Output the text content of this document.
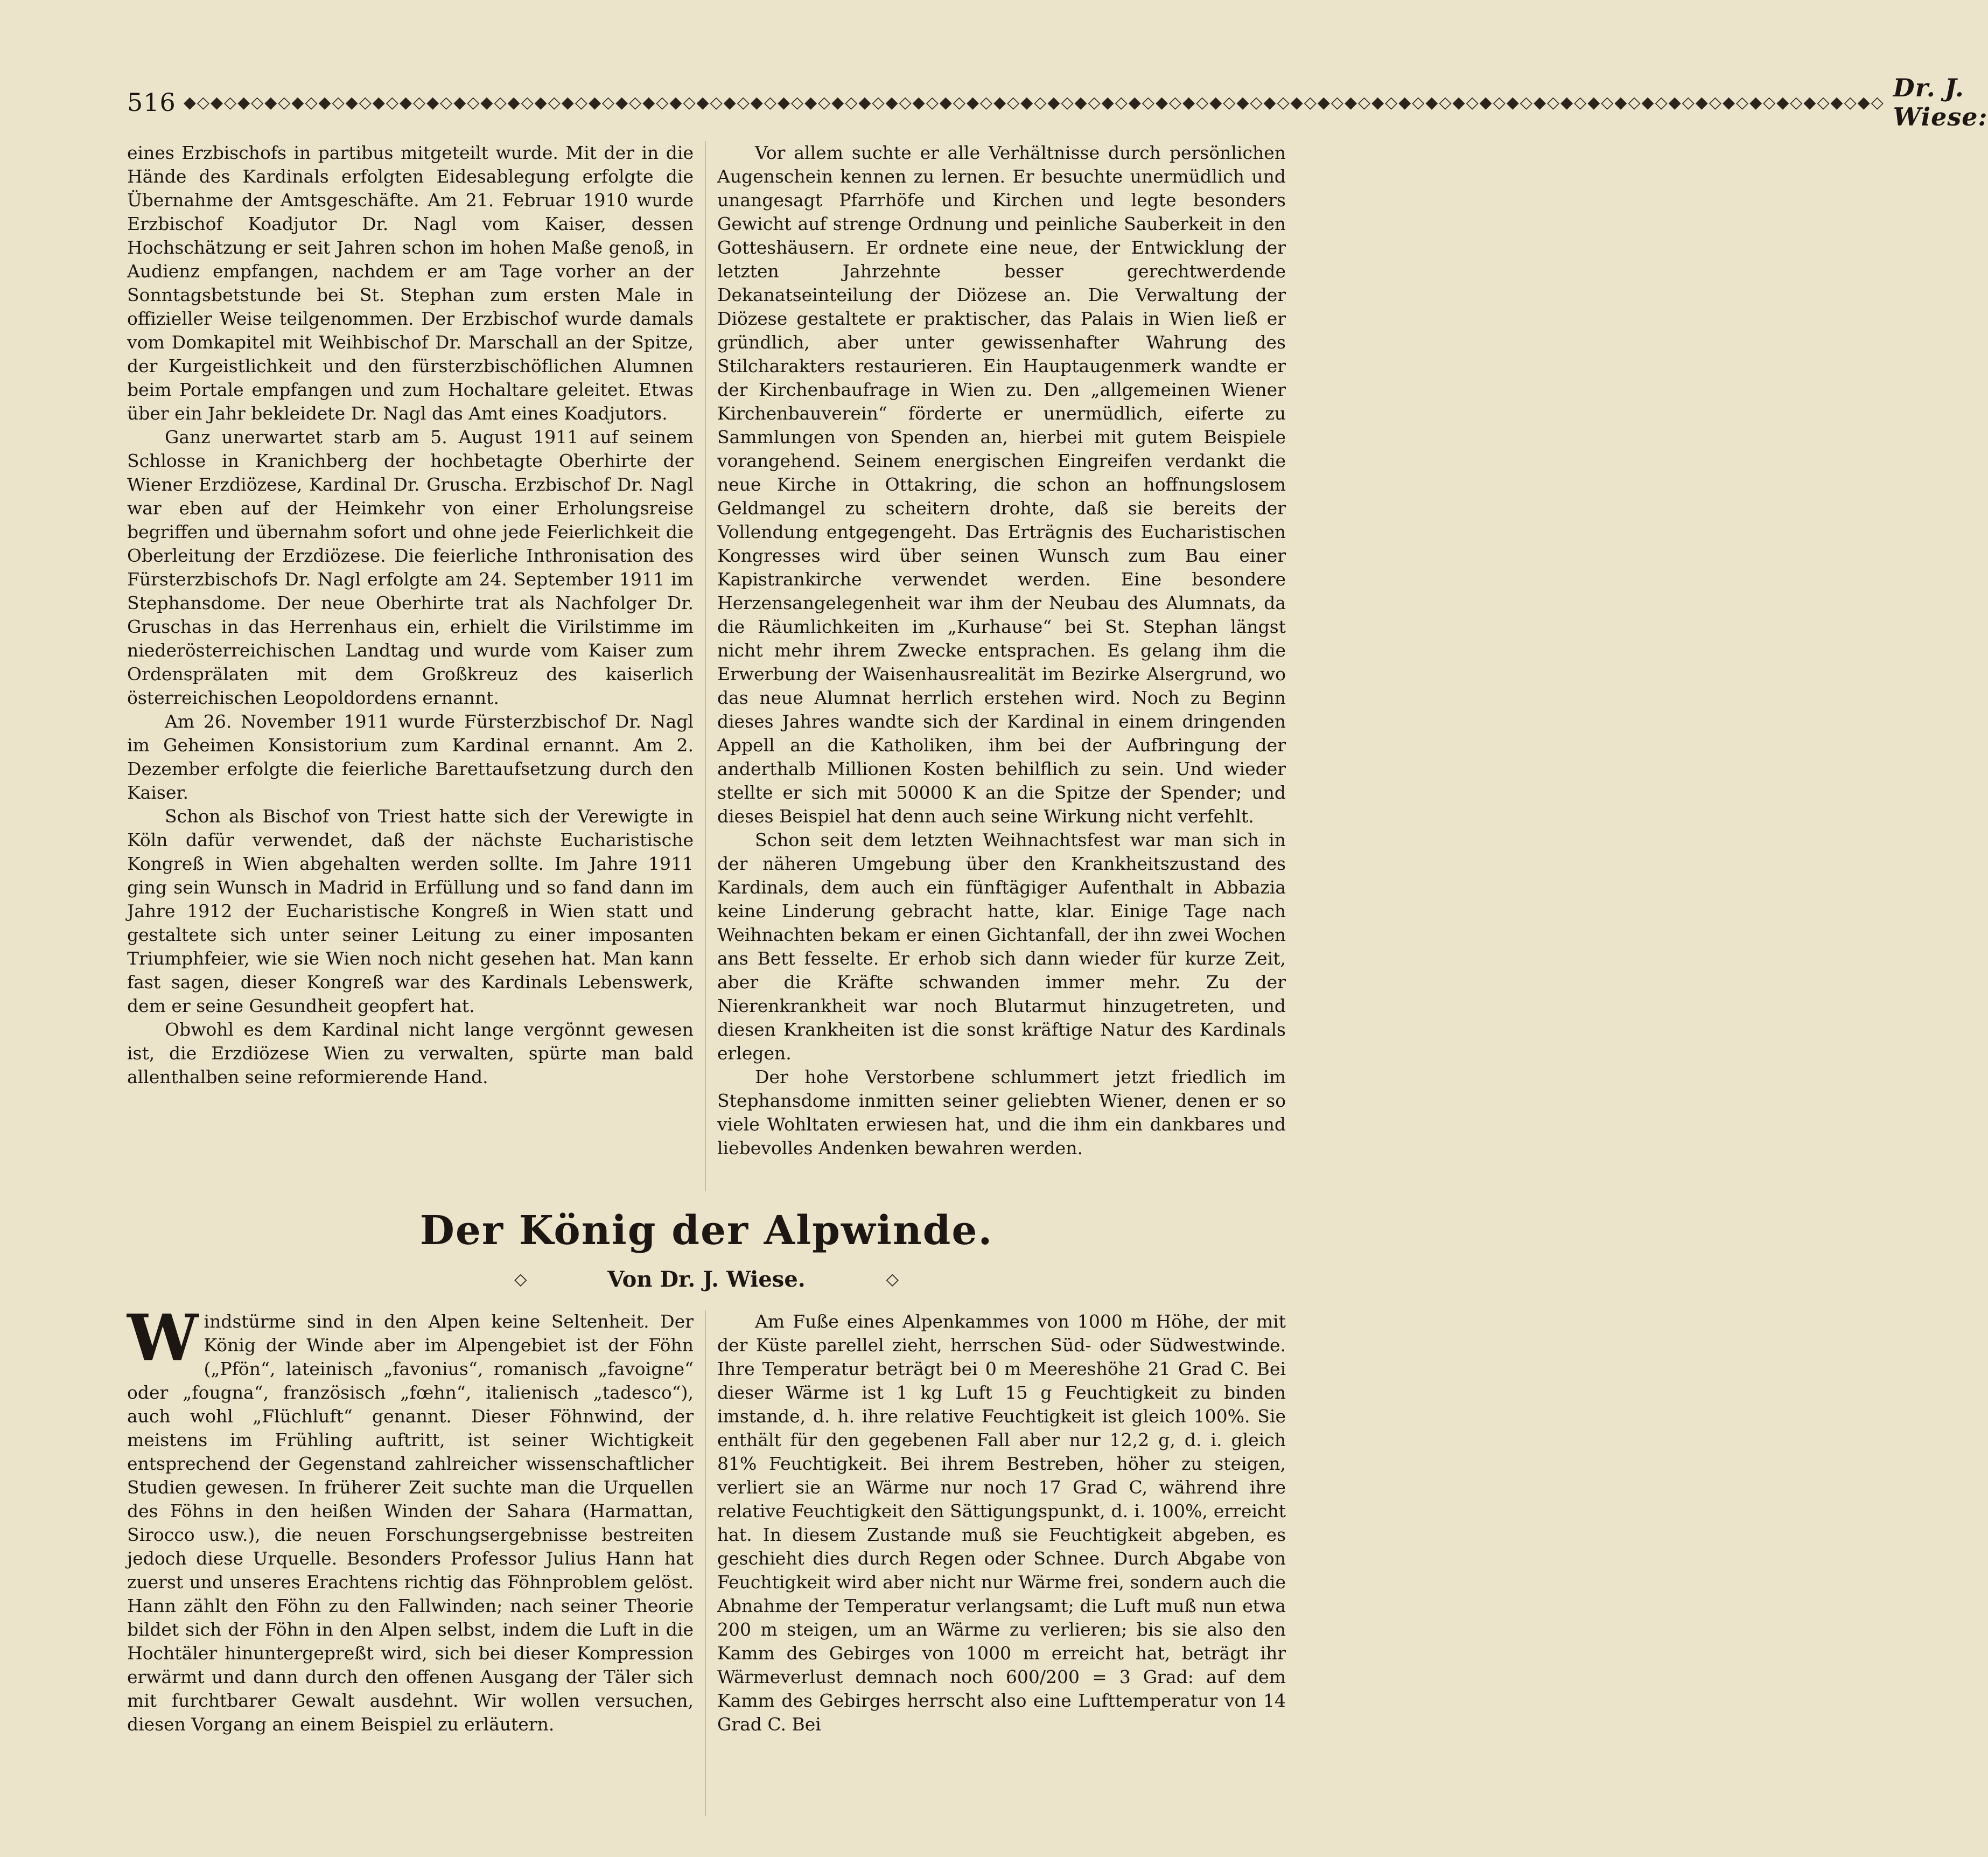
516 ◆◇◆◇◆◇◆◇◆◇◆◇◆◇◆◇◆◇◆◇◆◇◆◇◆◇◆◇◆◇◆◇◆◇◆◇◆◇◆◇◆◇◆◇◆◇◆◇◆◇◆◇◆◇◆◇◆◇◆◇◆◇◆◇◆◇◆◇◆◇◆◇◆◇◆◇◆◇◆◇◆◇◆◇◆◇◆◇◆◇◆◇◆◇◆◇◆◇◆◇◆◇◆◇◆◇◆◇◆◇◆◇◆◇◆◇◆◇◆◇◆◇◆◇◆◇ Dr. J. Wiese:

eines Erzbischofs in partibus mitgeteilt wurde. Mit der in die Hände des Kardinals erfolgten Eidesablegung erfolgte die Übernahme der Amtsgeschäfte. Am 21. Februar 1910 wurde Erzbischof Koadjutor Dr. Nagl vom Kaiser, dessen Hochschätzung er seit Jahren schon im hohen Maße genoß, in Audienz empfangen, nachdem er am Tage vorher an der Sonntagsbetstunde bei St. Stephan zum ersten Male in offizieller Weise teilgenommen. Der Erzbischof wurde damals vom Domkapitel mit Weihbischof Dr. Marschall an der Spitze, der Kurgeistlichkeit und den fürsterzbischöflichen Alumnen beim Portale empfangen und zum Hochaltare geleitet. Etwas über ein Jahr bekleidete Dr. Nagl das Amt eines Koadjutors.

Ganz unerwartet starb am 5. August 1911 auf seinem Schlosse in Kranichberg der hochbetagte Oberhirte der Wiener Erzdiözese, Kardinal Dr. Gruscha. Erzbischof Dr. Nagl war eben auf der Heimkehr von einer Erholungsreise begriffen und übernahm sofort und ohne jede Feierlichkeit die Oberleitung der Erzdiözese. Die feierliche Inthronisation des Fürsterzbischofs Dr. Nagl erfolgte am 24. September 1911 im Stephansdome. Der neue Oberhirte trat als Nachfolger Dr. Gruschas in das Herrenhaus ein, erhielt die Virilstimme im niederösterreichischen Landtag und wurde vom Kaiser zum Ordensprälaten mit dem Großkreuz des kaiserlich österreichischen Leopoldordens ernannt.

Am 26. November 1911 wurde Fürsterzbischof Dr. Nagl im Geheimen Konsistorium zum Kardinal ernannt. Am 2. Dezember erfolgte die feierliche Barettaufsetzung durch den Kaiser.

Schon als Bischof von Triest hatte sich der Verewigte in Köln dafür verwendet, daß der nächste Eucharistische Kongreß in Wien abgehalten werden sollte. Im Jahre 1911 ging sein Wunsch in Madrid in Erfüllung und so fand dann im Jahre 1912 der Eucharistische Kongreß in Wien statt und gestaltete sich unter seiner Leitung zu einer imposanten Triumphfeier, wie sie Wien noch nicht gesehen hat. Man kann fast sagen, dieser Kongreß war des Kardinals Lebenswerk, dem er seine Gesundheit geopfert hat.

Obwohl es dem Kardinal nicht lange vergönnt gewesen ist, die Erzdiözese Wien zu verwalten, spürte man bald allenthalben seine reformierende Hand.

Vor allem suchte er alle Verhältnisse durch persönlichen Augenschein kennen zu lernen. Er besuchte unermüdlich und unangesagt Pfarrhöfe und Kirchen und legte besonders Gewicht auf strenge Ordnung und peinliche Sauberkeit in den Gotteshäusern. Er ordnete eine neue, der Entwicklung der letzten Jahrzehnte besser gerechtwerdende Dekanatseinteilung der Diözese an. Die Verwaltung der Diözese gestaltete er praktischer, das Palais in Wien ließ er gründlich, aber unter gewissenhafter Wahrung des Stilcharakters restaurieren. Ein Hauptaugenmerk wandte er der Kirchenbaufrage in Wien zu. Den „allgemeinen Wiener Kirchenbauverein“ förderte er unermüdlich, eiferte zu Sammlungen von Spenden an, hierbei mit gutem Beispiele vorangehend. Seinem energischen Eingreifen verdankt die neue Kirche in Ottakring, die schon an hoffnungslosem Geldmangel zu scheitern drohte, daß sie bereits der Vollendung entgegengeht. Das Erträgnis des Eucharistischen Kongresses wird über seinen Wunsch zum Bau einer Kapistrankirche verwendet werden. Eine besondere Herzensangelegenheit war ihm der Neubau des Alumnats, da die Räumlichkeiten im „Kurhause“ bei St. Stephan längst nicht mehr ihrem Zwecke entsprachen. Es gelang ihm die Erwerbung der Waisenhausrealität im Bezirke Alsergrund, wo das neue Alumnat herrlich erstehen wird. Noch zu Beginn dieses Jahres wandte sich der Kardinal in einem dringenden Appell an die Katholiken, ihm bei der Aufbringung der anderthalb Millionen Kosten behilflich zu sein. Und wieder stellte er sich mit 50000 K an die Spitze der Spender; und dieses Beispiel hat denn auch seine Wirkung nicht verfehlt.

Schon seit dem letzten Weihnachtsfest war man sich in der näheren Umgebung über den Krankheitszustand des Kardinals, dem auch ein fünftägiger Aufenthalt in Abbazia keine Linderung gebracht hatte, klar. Einige Tage nach Weihnachten bekam er einen Gichtanfall, der ihn zwei Wochen ans Bett fesselte. Er erhob sich dann wieder für kurze Zeit, aber die Kräfte schwanden immer mehr. Zu der Nierenkrankheit war noch Blutarmut hinzugetreten, und diesen Krankheiten ist die sonst kräftige Natur des Kardinals erlegen.

Der hohe Verstorbene schlummert jetzt friedlich im Stephansdome inmitten seiner geliebten Wiener, denen er so viele Wohltaten erwiesen hat, und die ihm ein dankbares und liebevolles Andenken bewahren werden.

Der König der Alpwinde.
◇	Von Dr. J. Wiese.	◇

Windstürme sind in den Alpen keine Seltenheit. Der König der Winde aber im Alpengebiet ist der Föhn („Pfön“, lateinisch „favonius“, romanisch „favoigne“ oder „fougna“, französisch „fœhn“, italienisch „tadesco“), auch wohl „Flüchluft“ genannt. Dieser Föhnwind, der meistens im Frühling auftritt, ist seiner Wichtigkeit entsprechend der Gegenstand zahlreicher wissenschaftlicher Studien gewesen. In früherer Zeit suchte man die Urquellen des Föhns in den heißen Winden der Sahara (Harmattan, Sirocco usw.), die neuen Forschungsergebnisse bestreiten jedoch diese Urquelle. Besonders Professor Julius Hann hat zuerst und unseres Erachtens richtig das Föhnproblem gelöst. Hann zählt den Föhn zu den Fallwinden; nach seiner Theorie bildet sich der Föhn in den Alpen selbst, indem die Luft in die Hochtäler hinuntergepreßt wird, sich bei dieser Kompression erwärmt und dann durch den offenen Ausgang der Täler sich mit furchtbarer Gewalt ausdehnt. Wir wollen versuchen, diesen Vorgang an einem Beispiel zu erläutern.

Am Fuße eines Alpenkammes von 1000 m Höhe, der mit der Küste parellel zieht, herrschen Süd- oder Südwestwinde. Ihre Temperatur beträgt bei 0 m Meereshöhe 21 Grad C. Bei dieser Wärme ist 1 kg Luft 15 g Feuchtigkeit zu binden imstande, d. h. ihre relative Feuchtigkeit ist gleich 100%. Sie enthält für den gegebenen Fall aber nur 12,2 g, d. i. gleich 81% Feuchtigkeit. Bei ihrem Bestreben, höher zu steigen, verliert sie an Wärme nur noch 17 Grad C, während ihre relative Feuchtigkeit den Sättigungspunkt, d. i. 100%, erreicht hat. In diesem Zustande muß sie Feuchtigkeit abgeben, es geschieht dies durch Regen oder Schnee. Durch Abgabe von Feuchtigkeit wird aber nicht nur Wärme frei, sondern auch die Abnahme der Temperatur verlangsamt; die Luft muß nun etwa 200 m steigen, um an Wärme zu verlieren; bis sie also den Kamm des Gebirges von 1000 m erreicht hat, beträgt ihr Wärmeverlust demnach noch 600/200 = 3 Grad: auf dem Kamm des Gebirges herrscht also eine Lufttemperatur von 14 Grad C. Bei
